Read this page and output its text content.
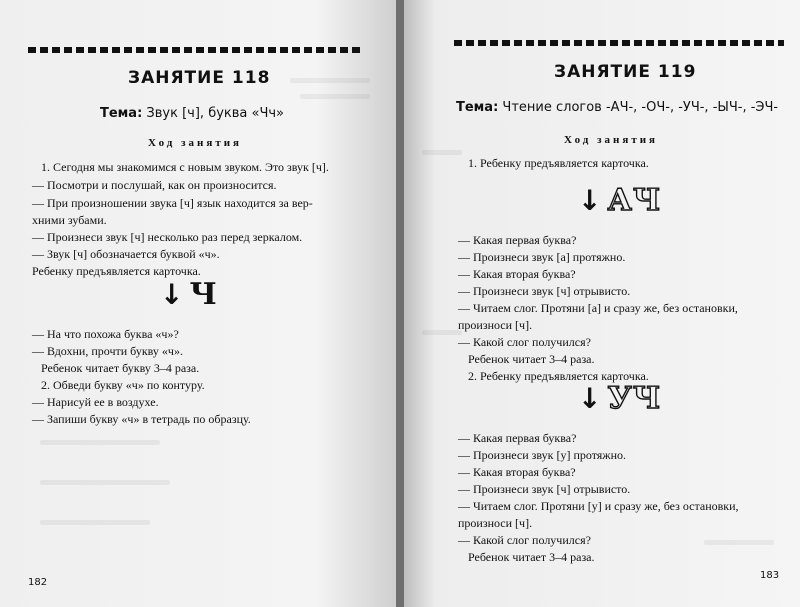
ЗАНЯТИЕ 118

Тема: Звук [ч], буква «Чч»

Ход занятия

1. Сегодня мы знакомимся с новым звуком. Это звук [ч].

— Посмотри и послушай, как он произносится.

— При произношении звука [ч] язык находится за вер-

хними зубами.

— Произнеси звук [ч] несколько раз перед зеркалом.

— Звук [ч] обозначается буквой «ч».

Ребенку предъявляется карточка.

↓ Ч

— На что похожа буква «ч»?

— Вдохни, прочти букву «ч».

Ребенок читает букву 3–4 раза.

2. Обведи букву «ч» по контуру.

— Нарисуй ее в воздухе.

— Запиши букву «ч» в тетрадь по образцу.

182
ЗАНЯТИЕ 119

Тема: Чтение слогов -АЧ-, -ОЧ-, -УЧ-, -ЫЧ-, -ЭЧ-

Ход занятия

1. Ребенку предъявляется карточка.

↓ АЧ

— Какая первая буква?

— Произнеси звук [а] протяжно.

— Какая вторая буква?

— Произнеси звук [ч] отрывисто.

— Читаем слог. Протяни [а] и сразу же, без остановки,

произноси [ч].

— Какой слог получился?

Ребенок читает 3–4 раза.

2. Ребенку предъявляется карточка.

↓ УЧ

— Какая первая буква?

— Произнеси звук [у] протяжно.

— Какая вторая буква?

— Произнеси звук [ч] отрывисто.

— Читаем слог. Протяни [у] и сразу же, без остановки,

произноси [ч].

— Какой слог получился?

Ребенок читает 3–4 раза.

183
